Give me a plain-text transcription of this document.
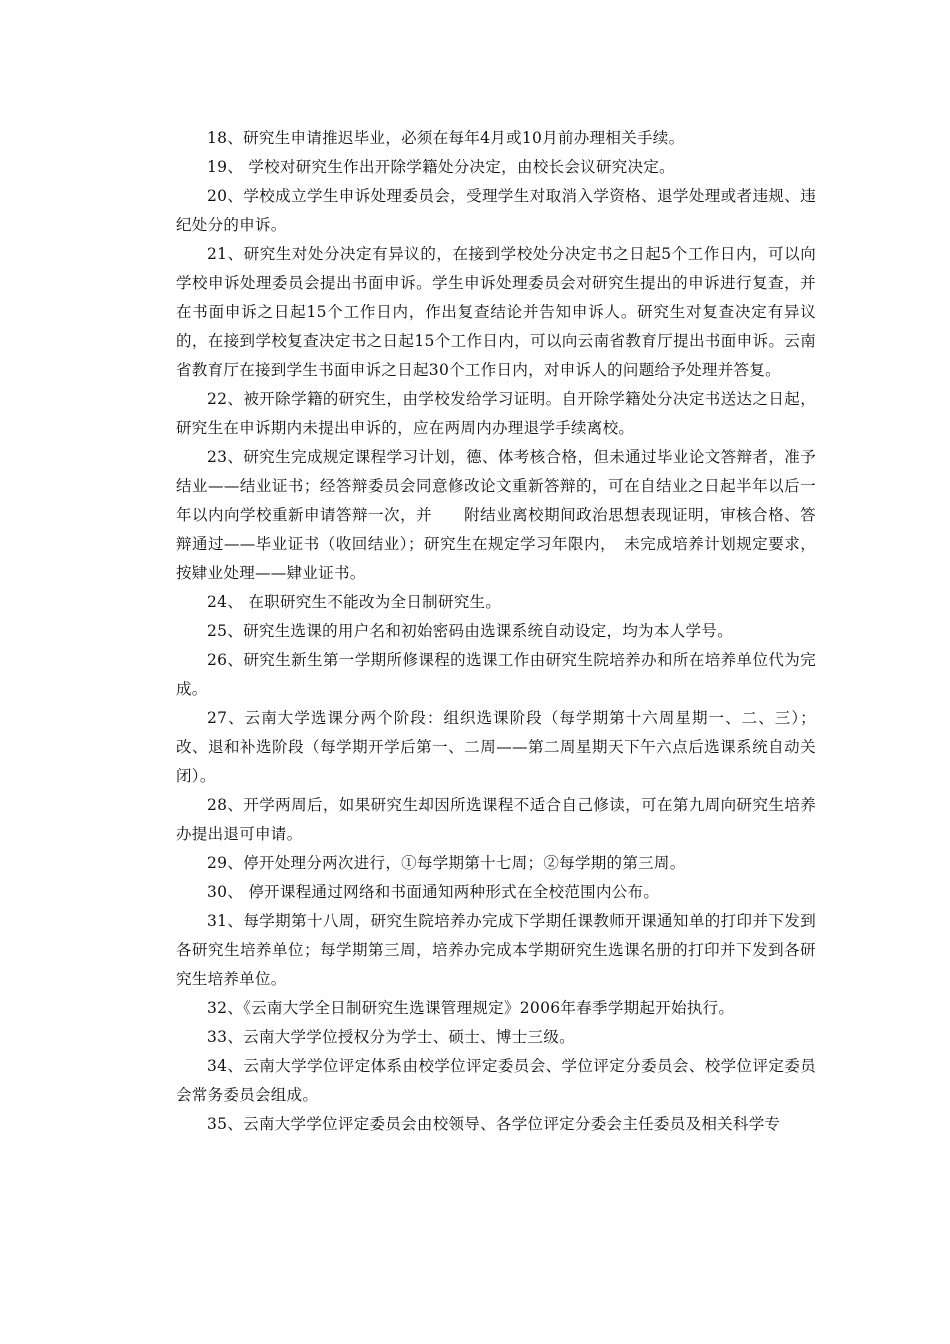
18、研究生申请推迟毕业，必须在每年4月或10月前办理相关手续。

19、 学校对研究生作出开除学籍处分决定，由校长会议研究决定。

20、学校成立学生申诉处理委员会，受理学生对取消入学资格、退学处理或者违规、违纪处分的申诉。

21、研究生对处分决定有异议的，在接到学校处分决定书之日起5个工作日内，可以向学校申诉处理委员会提出书面申诉。学生申诉处理委员会对研究生提出的申诉进行复查，并在书面申诉之日起15个工作日内，作出复查结论并告知申诉人。研究生对复查决定有异议的，在接到学校复查决定书之日起15个工作日内，可以向云南省教育厅提出书面申诉。云南省教育厅在接到学生书面申诉之日起30个工作日内，对申诉人的问题给予处理并答复。

22、被开除学籍的研究生，由学校发给学习证明。自开除学籍处分决定书送达之日起，研究生在申诉期内未提出申诉的，应在两周内办理退学手续离校。

23、研究生完成规定课程学习计划，德、体考核合格，但未通过毕业论文答辩者，准予结业——结业证书；经答辩委员会同意修改论文重新答辩的，可在自结业之日起半年以后一年以内向学校重新申请答辩一次，并　　附结业离校期间政治思想表现证明，审核合格、答辩通过——毕业证书（收回结业）；研究生在规定学习年限内，　未完成培养计划规定要求，按肄业处理——肄业证书。

24、 在职研究生不能改为全日制研究生。

25、研究生选课的用户名和初始密码由选课系统自动设定，均为本人学号。

26、研究生新生第一学期所修课程的选课工作由研究生院培养办和所在培养单位代为完成。

27、云南大学选课分两个阶段：组织选课阶段（每学期第十六周星期一、二、三）；改、退和补选阶段（每学期开学后第一、二周——第二周星期天下午六点后选课系统自动关闭）。

28、开学两周后，如果研究生却因所选课程不适合自己修读，可在第九周向研究生培养办提出退可申请。

29、停开处理分两次进行，①每学期第十七周；②每学期的第三周。

30、 停开课程通过网络和书面通知两种形式在全校范围内公布。

31、每学期第十八周，研究生院培养办完成下学期任课教师开课通知单的打印并下发到各研究生培养单位；每学期第三周，培养办完成本学期研究生选课名册的打印并下发到各研究生培养单位。

32、《云南大学全日制研究生选课管理规定》2006年春季学期起开始执行。

33、云南大学学位授权分为学士、硕士、博士三级。

34、云南大学学位评定体系由校学位评定委员会、学位评定分委员会、校学位评定委员会常务委员会组成。

35、云南大学学位评定委员会由校领导、各学位评定分委会主任委员及相关科学专
